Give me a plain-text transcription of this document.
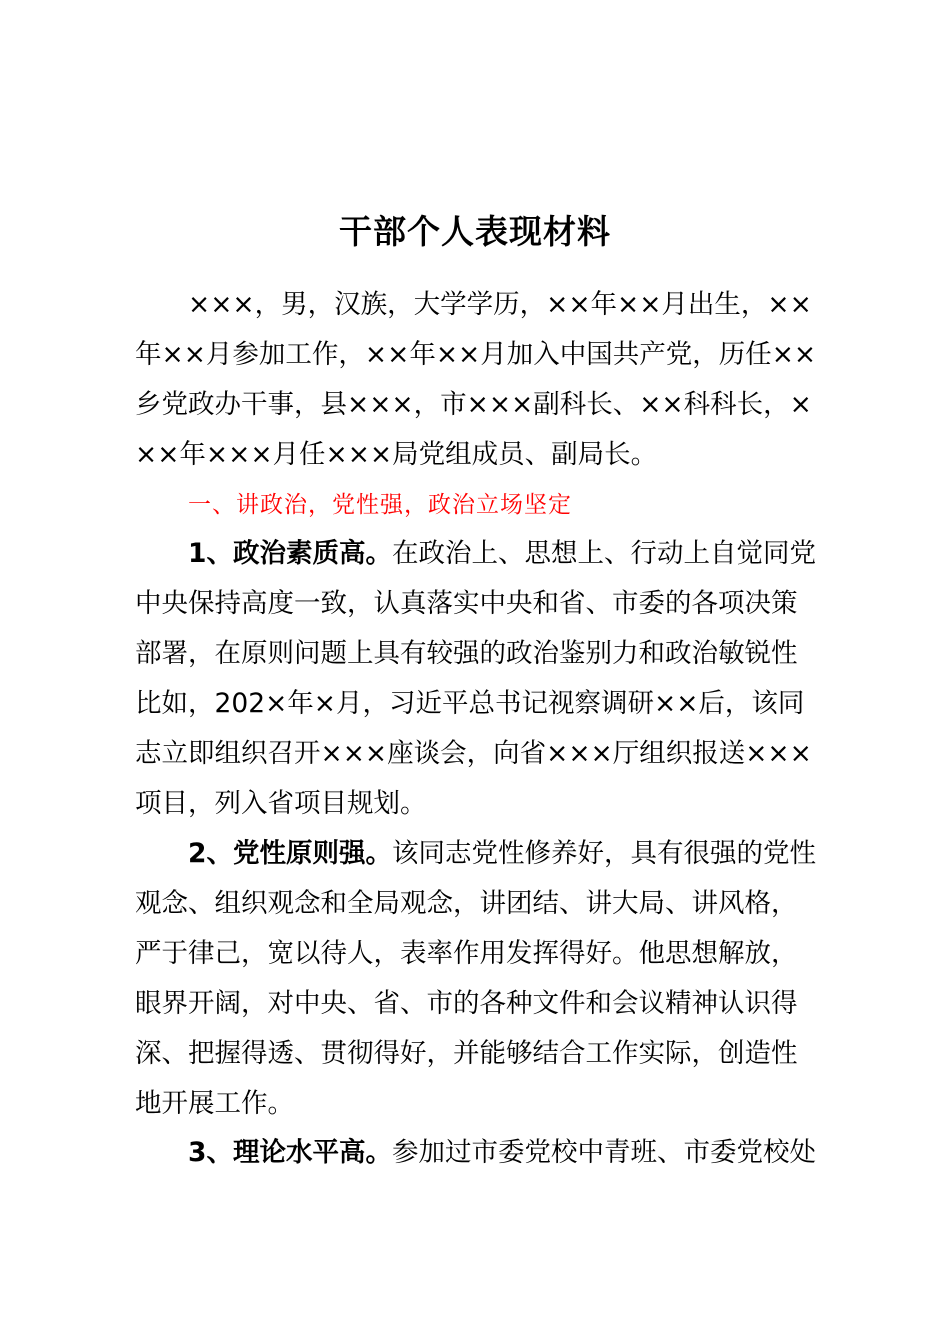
干部个人表现材料
×××，男，汉族，大学学历，××年××月出生，××
年××月参加工作，××年××月加入中国共产党，历任××
乡党政办干事，县×××，市×××副科长、××科科长，×
××年×××月任×××局党组成员、副局长。
一、讲政治，党性强，政治立场坚定
1、政治素质高。在政治上、思想上、行动上自觉同党
中央保持高度一致，认真落实中央和省、市委的各项决策
部署，在原则问题上具有较强的政治鉴别力和政治敏锐性
比如，202×年×月，习近平总书记视察调研××后，该同
志立即组织召开×××座谈会，向省×××厅组织报送×××
项目，列入省项目规划。
2、党性原则强。该同志党性修养好，具有很强的党性
观念、组织观念和全局观念，讲团结、讲大局、讲风格，
严于律己，宽以待人，表率作用发挥得好。他思想解放，
眼界开阔，对中央、省、市的各种文件和会议精神认识得
深、把握得透、贯彻得好，并能够结合工作实际，创造性
地开展工作。
3、理论水平高。参加过市委党校中青班、市委党校处
